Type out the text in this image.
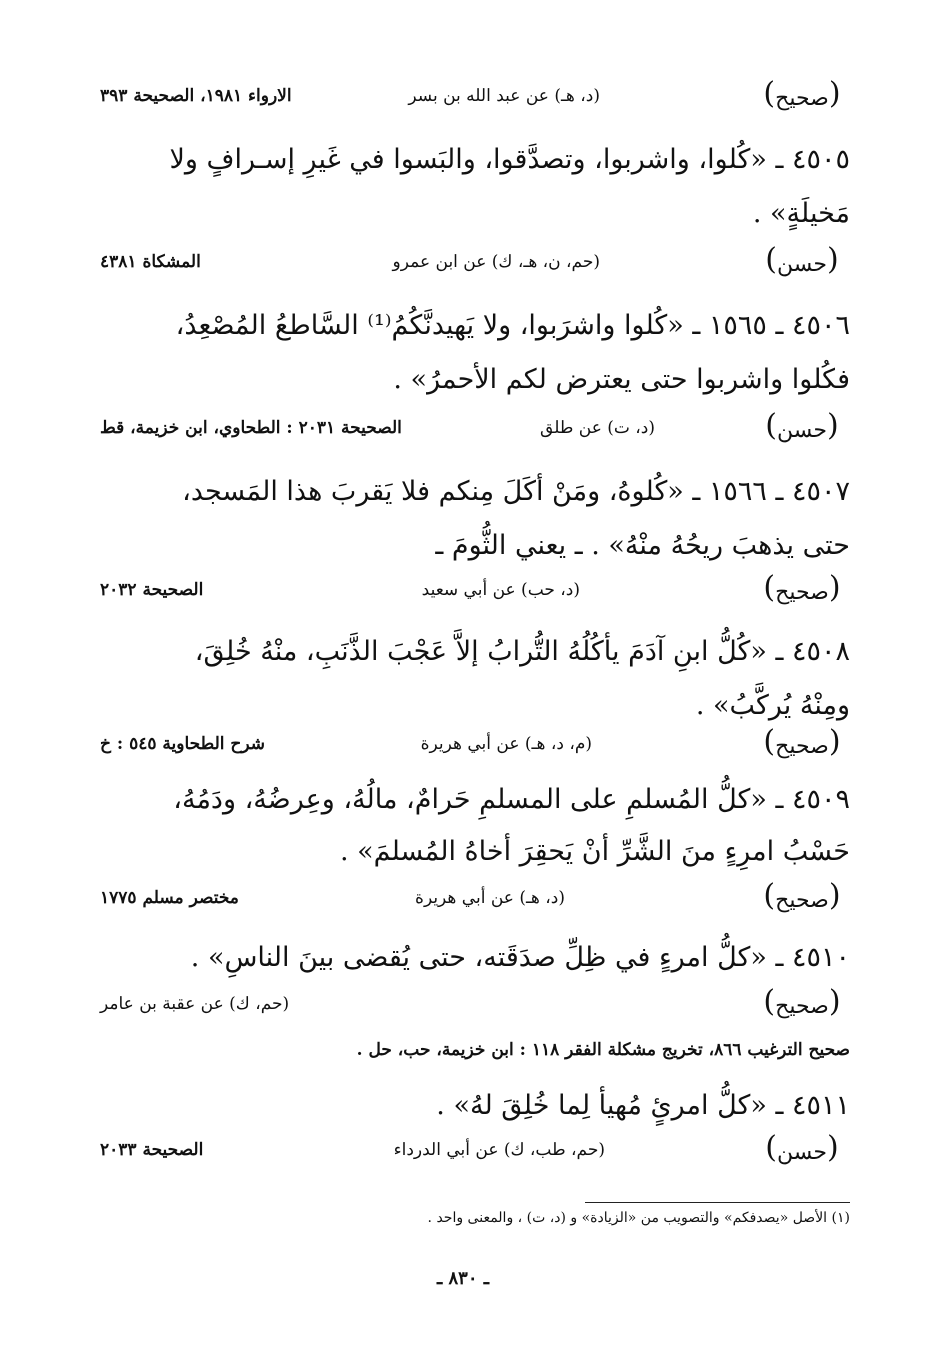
(صحيح)
(د، هـ) عن عبد الله بن بسر
الارواء ١٩٨١، الصحيحة ٣٩٣
٤٥٠٥ ـ «كُلوا، واشربوا، وتصدَّقوا، والبَسوا في غَيرِ إسـرافٍ ولا
مَخيلَةٍ» .
(حسن)
(حم، ن، هـ، ك) عن ابن عمرو
المشكاة ٤٣٨١
٤٥٠٦ ـ ١٥٦٥ ـ «كُلوا واشرَبوا، ولا يَهيدنَّكُمُ⁽¹⁾ السَّاطعُ المُصْعِدُ،
فكُلوا واشربوا حتى يعترض لكم الأحمرُ» .
(حسن)
(د، ت) عن طلق
الصحيحة ٢٠٣١ : الطحاوي، ابن خزيمة، قط
٤٥٠٧ ـ ١٥٦٦ ـ «كُلوهُ، ومَنْ أكَلَ مِنكم فلا يَقربَ هذا المَسجد،
حتى يذهبَ ريحُهُ منْهُ» . ـ يعني الثُّومَ ـ
(صحيح)
(د، حب) عن أبي سعيد
الصحيحة ٢٠٣٢
٤٥٠٨ ـ «كُلُّ ابنِ آدَمَ يأكُلُهُ التُّرابُ إلاَّ عَجْبَ الذَّنَبِ، منْهُ خُلِقَ،
ومِنْهُ يُركَّبُ» .
(صحيح)
(م، د، هـ) عن أبي هريرة
شرح الطحاوية ٥٤٥ : خ
٤٥٠٩ ـ «كلُّ المُسلمِ على المسلمِ حَرامٌ، مالُهُ، وعِرضُهُ، ودَمُهُ،
حَسْبُ امرِءٍ منَ الشَّرِّ أنْ يَحقِرَ أخاهُ المُسلمَ» .
(صحيح)
(د، هـ) عن أبي هريرة
مختصر مسلم ١٧٧٥
٤٥١٠ ـ «كلُّ امرءٍ في ظِلِّ صدَقَته، حتى يُقضى بينَ الناسِ» .
(صحيح)
(حم، ك) عن عقبة بن عامر
صحيح الترغيب ٨٦٦، تخريج مشكلة الفقر ١١٨ : ابن خزيمة، حب، حل .
٤٥١١ ـ «كلُّ امرئٍ مُهيأ لِما خُلِقَ لهُ» .
(حسن)
(حم، طب، ك) عن أبي الدرداء
الصحيحة ٢٠٣٣
(١) الأصل «يصدفكم» والتصويب من «الزيادة» و (د، ت) ، والمعنى واحد .
ـ ٨٣٠ ـ
